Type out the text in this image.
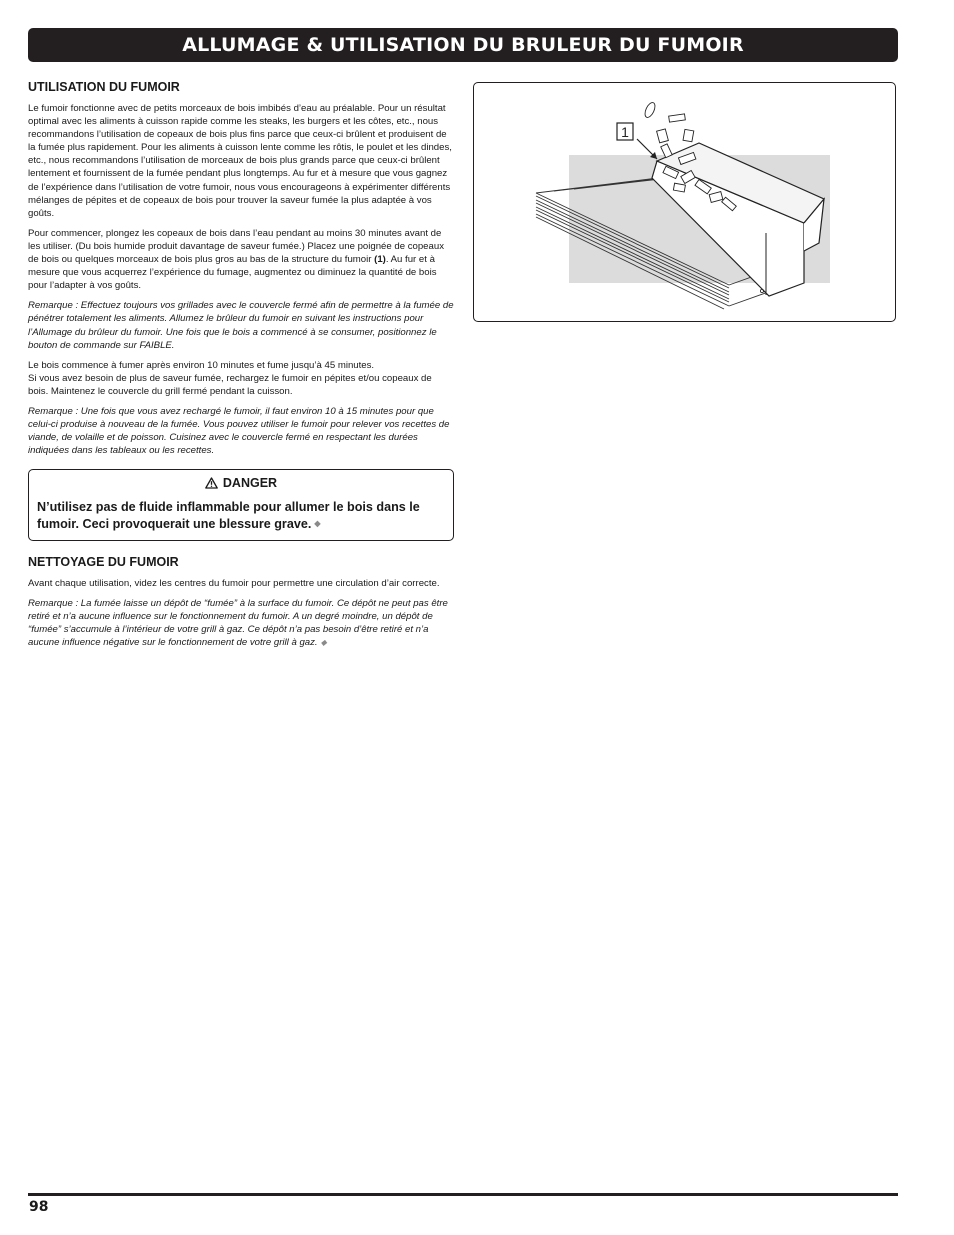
ALLUMAGE & UTILISATION DU BRULEUR DU FUMOIR
UTILISATION DU FUMOIR

Le fumoir fonctionne avec de petits morceaux de bois imbibés d’eau au préalable. Pour un résultat optimal avec les aliments à cuisson rapide comme les steaks, les burgers et les côtes, etc., nous recommandons l’utilisation de copeaux de bois plus fins parce que ceux-ci brûlent et produisent de la fumée plus rapidement. Pour les aliments à cuisson lente comme les rôtis, le poulet et les dindes, etc., nous recommandons l’utilisation de morceaux de bois plus grands parce que ceux-ci brûlent lentement et fournissent de la fumée pendant plus longtemps. Au fur et à mesure que vous gagnez de l’expérience dans l’utilisation de votre fumoir, nous vous encourageons à expérimenter différents mélanges de pépites et de copeaux de bois pour trouver la saveur fumée la plus adaptée à vos goûts.

Pour commencer, plongez les copeaux de bois dans l’eau pendant au moins 30 minutes avant de les utiliser. (Du bois humide produit davantage de saveur fumée.) Placez une poignée de copeaux de bois ou quelques morceaux de bois plus gros au bas de la structure du fumoir (1). Au fur et à mesure que vous acquerrez l’expérience du fumage, augmentez ou diminuez la quantité de bois pour l’adapter à vos goûts.

Remarque : Effectuez toujours vos grillades avec le couvercle fermé afin de permettre à la fumée de pénétrer totalement les aliments. Allumez le brûleur du fumoir en suivant les instructions pour l’Allumage du brûleur du fumoir. Une fois que le bois a commencé à se consumer, positionnez le bouton de commande sur FAIBLE.

Le bois commence à fumer après environ 10 minutes et fume jusqu’à 45 minutes.
Si vous avez besoin de plus de saveur fumée, rechargez le fumoir en pépites et/ou copeaux de bois. Maintenez le couvercle du grill fermé pendant la cuisson.

Remarque : Une fois que vous avez rechargé le fumoir, il faut environ 10 à 15 minutes pour que celui-ci produise à nouveau de la fumée. Vous pouvez utiliser le fumoir pour relever vos recettes de viande, de volaille et de poisson. Cuisinez avec le couvercle fermé en respectant les durées indiquées dans les tableaux ou les recettes.

DANGER
N’utilisez pas de fluide inflammable pour allumer le bois dans le fumoir. Ceci provoquerait une blessure grave. ◆
NETTOYAGE DU FUMOIR

Avant chaque utilisation, videz les centres du fumoir pour permettre une circulation d’air correcte.

Remarque : La fumée laisse un dépôt de “fumée” à la surface du fumoir. Ce dépôt ne peut pas être retiré et n’a aucune influence sur le fonctionnement du fumoir. A un degré moindre, un dépôt de “fumée” s’accumule à l’intérieur de votre grill à gaz. Ce dépôt n’a pas besoin d’être retiré et n’a aucune influence négative sur le fonctionnement de votre grill à gaz. ◆

1
98
